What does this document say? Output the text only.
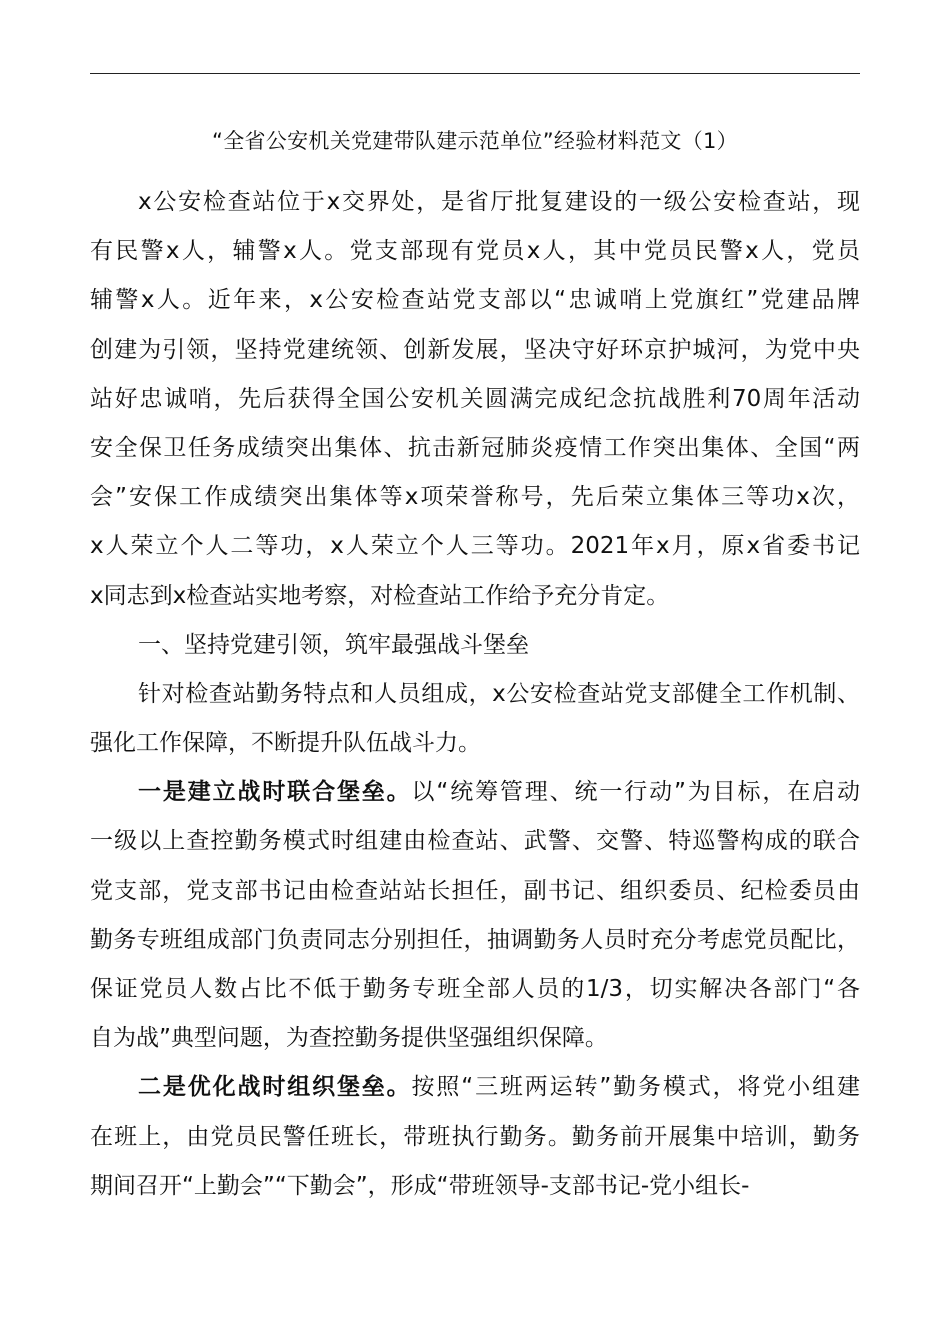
“全省公安机关党建带队建示范单位”经验材料范文（1）
x公安检查站位于x交界处，是省厅批复建设的一级公安检查站，现
有民警x人，辅警x人。党支部现有党员x人，其中党员民警x人，党员
辅警x人。近年来，x公安检查站党支部以“忠诚哨上党旗红”党建品牌
创建为引领，坚持党建统领、创新发展，坚决守好环京护城河，为党中央
站好忠诚哨，先后获得全国公安机关圆满完成纪念抗战胜利70周年活动
安全保卫任务成绩突出集体、抗击新冠肺炎疫情工作突出集体、全国“两
会”安保工作成绩突出集体等x项荣誉称号，先后荣立集体三等功x次，
x人荣立个人二等功，x人荣立个人三等功。2021年x月，原x省委书记
x同志到x检查站实地考察，对检查站工作给予充分肯定。
一、坚持党建引领，筑牢最强战斗堡垒
针对检查站勤务特点和人员组成，x公安检查站党支部健全工作机制、
强化工作保障，不断提升队伍战斗力。
一是建立战时联合堡垒。以“统筹管理、统一行动”为目标，在启动
一级以上查控勤务模式时组建由检查站、武警、交警、特巡警构成的联合
党支部，党支部书记由检查站站长担任，副书记、组织委员、纪检委员由
勤务专班组成部门负责同志分别担任，抽调勤务人员时充分考虑党员配比，
保证党员人数占比不低于勤务专班全部人员的1/3，切实解决各部门“各
自为战”典型问题，为查控勤务提供坚强组织保障。
二是优化战时组织堡垒。按照“三班两运转”勤务模式，将党小组建
在班上，由党员民警任班长，带班执行勤务。勤务前开展集中培训，勤务
期间召开“上勤会”“下勤会”，形成“带班领导-支部书记-党小组长-
